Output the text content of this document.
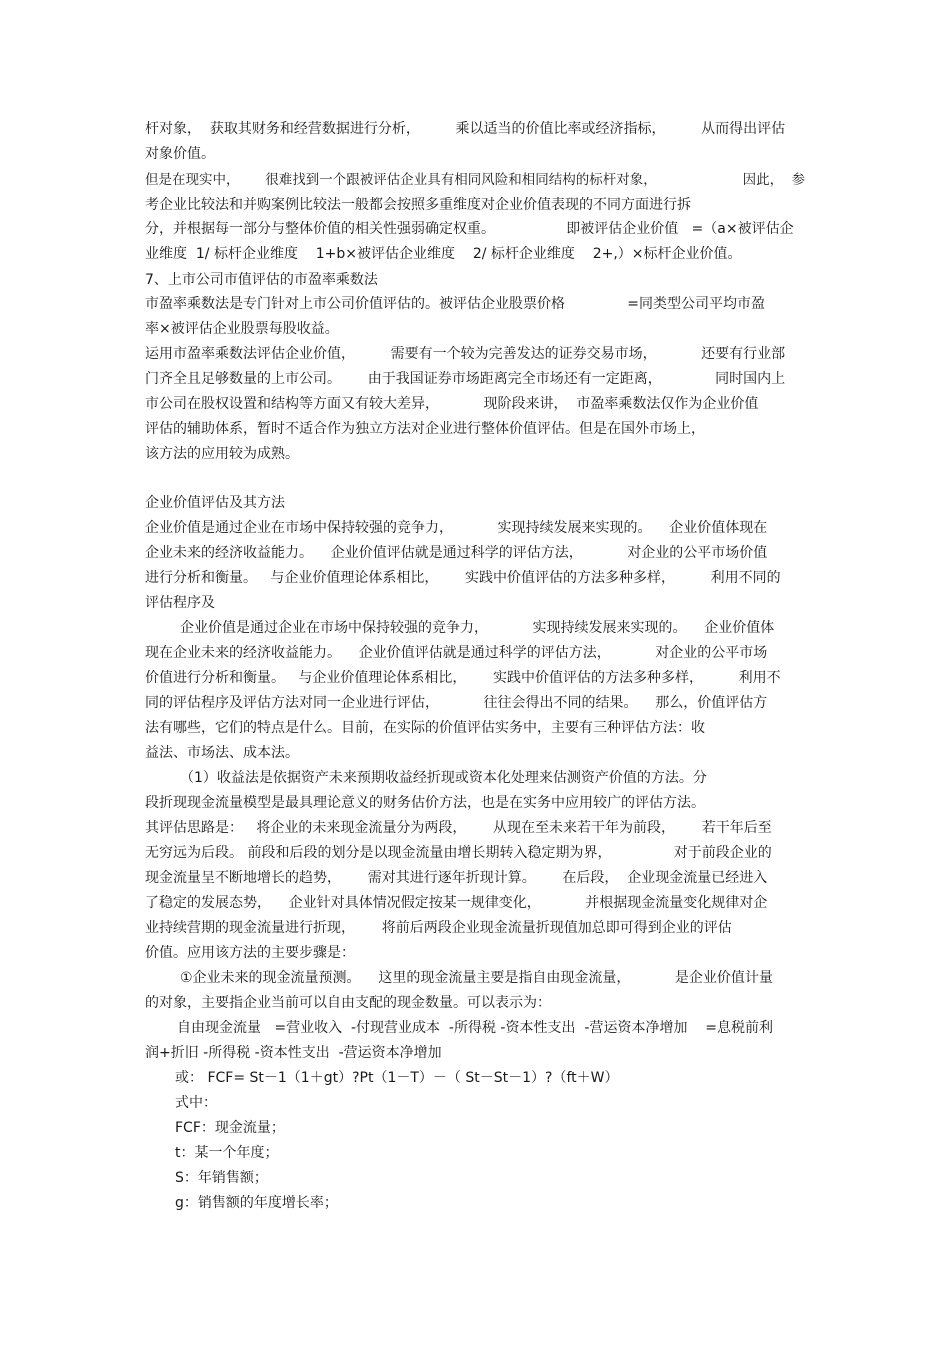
杆对象，  获取其财务和经营数据进行分析，        乘以适当的价值比率或经济指标，        从而得出评估

对象价值。

但是在现实中，      很难找到一个跟被评估企业具有相同风险和相同结构的标杆对象，                    因此，  参

考企业比较法和并购案例比较法一般都会按照多重维度对企业价值表现的不同方面进行拆

分，并根据每一部分与整体价值的相关性强弱确定权重。                即被评估企业价值   =（a×被评估企

业维度  1/ 标杆企业维度    1+b×被评估企业维度    2/ 标杆企业维度    2+,）×标杆企业价值。

7、上市公司市值评估的市盈率乘数法

市盈率乘数法是专门针对上市公司价值评估的。被评估企业股票价格              =同类型公司平均市盈

率×被评估企业股票每股收益。

运用市盈率乘数法评估企业价值，        需要有一个较为完善发达的证券交易市场，          还要有行业部

门齐全且足够数量的上市公司。      由于我国证券市场距离完全市场还有一定距离，            同时国内上

市公司在股权设置和结构等方面又有较大差异，          现阶段来讲，  市盈率乘数法仅作为企业价值

评估的辅助体系，暂时不适合作为独立方法对企业进行整体价值评估。但是在国外市场上，

该方法的应用较为成熟。

企业价值评估及其方法

企业价值是通过企业在市场中保持较强的竞争力，          实现持续发展来实现的。    企业价值体现在

企业未来的经济收益能力。    企业价值评估就是通过科学的评估方法，          对企业的公平市场价值

进行分析和衡量。   与企业价值理论体系相比，      实践中价值评估的方法多种多样，        利用不同的

评估程序及

企业价值是通过企业在市场中保持较强的竞争力，          实现持续发展来实现的。    企业价值体

现在企业未来的经济收益能力。    企业价值评估就是通过科学的评估方法，          对企业的公平市场

价值进行分析和衡量。   与企业价值理论体系相比，      实践中价值评估的方法多种多样，        利用不

同的评估程序及评估方法对同一企业进行评估，          往往会得出不同的结果。    那么，价值评估方

法有哪些，它们的特点是什么。目前，在实际的价值评估实务中，主要有三种评估方法：收

益法、市场法、成本法。

（1）收益法是依据资产未来预期收益经折现或资本化处理来估测资产价值的方法。分

段折现现金流量模型是最具理论意义的财务估价方法，也是在实务中应用较广的评估方法。

其评估思路是：   将企业的未来现金流量分为两段，      从现在至未来若干年为前段，      若干年后至

无穷远为后段。 前段和后段的划分是以现金流量由增长期转入稳定期为界，              对于前段企业的

现金流量呈不断地增长的趋势，      需对其进行逐年折现计算。      在后段，  企业现金流量已经进入

了稳定的发展态势，    企业针对具体情况假定按某一规律变化，          并根据现金流量变化规律对企

业持续营期的现金流量进行折现，      将前后两段企业现金流量折现值加总即可得到企业的评估

价值。应用该方法的主要步骤是：

①企业未来的现金流量预测。    这里的现金流量主要是指自由现金流量，          是企业价值计量

的对象，主要指企业当前可以自由支配的现金数量。可以表示为：

自由现金流量   =营业收入  -付现营业成本  -所得税 -资本性支出  -营运资本净增加    =息税前利

润+折旧 -所得税 -资本性支出  -营运资本净增加

或： FCF= St－1（1＋gt）?Pt（1－T）－（ St－St－1）?（ft＋W）

式中：

FCF：现金流量；

t：某一个年度；

S：年销售额；

g：销售额的年度增长率；
